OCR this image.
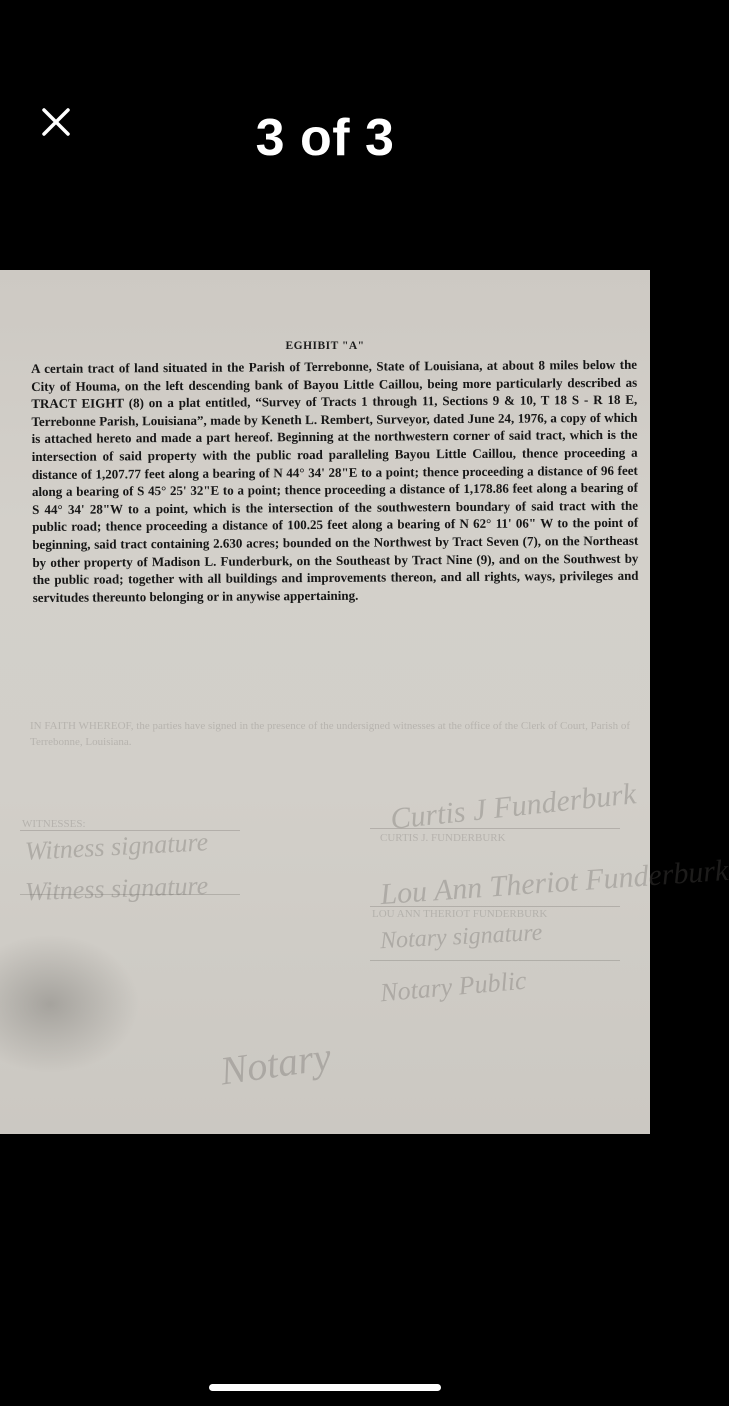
3 of 3
EGHIBIT "A"
A certain tract of land situated in the Parish of Terrebonne, State of Louisiana, at about 8 miles below the City of Houma, on the left descending bank of Bayou Little Caillou, being more particularly described as TRACT EIGHT (8) on a plat entitled, “Survey of Tracts 1 through 11, Sections 9 & 10, T 18 S - R 18 E, Terrebonne Parish, Louisiana”, made by Keneth L. Rembert, Surveyor, dated June 24, 1976, a copy of which is attached hereto and made a part hereof. Beginning at the northwestern corner of said tract, which is the intersection of said property with the public road paralleling Bayou Little Caillou, thence proceeding a distance of 1,207.77 feet along a bearing of N 44° 34' 28"E to a point; thence proceeding a distance of 96 feet along a bearing of S 45° 25' 32"E to a point; thence proceeding a distance of 1,178.86 feet along a bearing of S 44° 34' 28"W to a point, which is the intersection of the southwestern boundary of said tract with the public road; thence proceeding a distance of 100.25 feet along a bearing of N 62° 11' 06" W to the point of beginning, said tract containing 2.630 acres; bounded on the Northwest by Tract Seven (7), on the Northeast by other property of Madison L. Funderburk, on the Southeast by Tract Nine (9), and on the Southwest by the public road; together with all buildings and improvements thereon, and all rights, ways, privileges and servitudes thereunto belonging or in anywise appertaining.
IN FAITH WHEREOF, the parties have signed in the presence of the undersigned witnesses at the office of the Clerk of Court, Parish of Terrebonne, Louisiana.
WITNESSES:
CURTIS J. FUNDERBURK
LOU ANN THERIOT FUNDERBURK
Curtis J Funderburk
Witness signature
Lou Ann Theriot Funderburk
Witness signature
Notary signature
Notary Public
Notary
